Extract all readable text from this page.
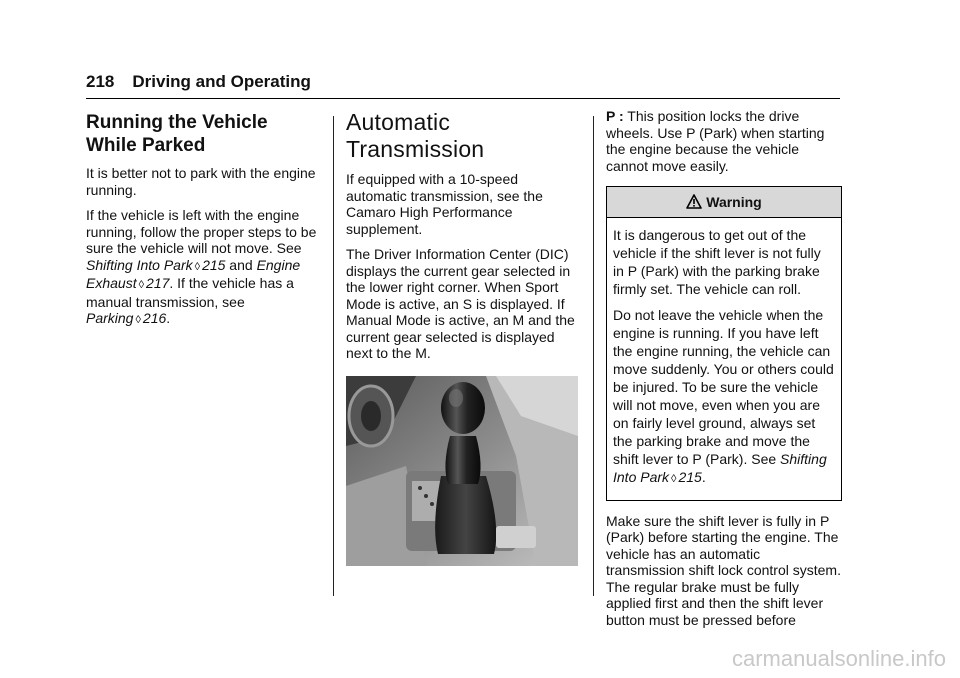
218 Driving and Operating
Running the Vehicle While Parked

It is better not to park with the engine running.

If the vehicle is left with the engine running, follow the proper steps to be sure the vehicle will not move. See Shifting Into Park ◊ 215 and Engine Exhaust ◊ 217. If the vehicle has a manual transmission, see Parking ◊ 216.

Automatic Transmission

If equipped with a 10-speed automatic transmission, see the Camaro High Performance supplement.

The Driver Information Center (DIC) displays the current gear selected in the lower right corner. When Sport Mode is active, an S is displayed. If Manual Mode is active, an M and the current gear selected is displayed next to the M.

P : This position locks the drive wheels. Use P (Park) when starting the engine because the vehicle cannot move easily.

Warning

It is dangerous to get out of the vehicle if the shift lever is not fully in P (Park) with the parking brake firmly set. The vehicle can roll.

Do not leave the vehicle when the engine is running. If you have left the engine running, the vehicle can move suddenly. You or others could be injured. To be sure the vehicle will not move, even when you are on fairly level ground, always set the parking brake and move the shift lever to P (Park). See Shifting Into Park ◊ 215.

Make sure the shift lever is fully in P (Park) before starting the engine. The vehicle has an automatic transmission shift lock control system. The regular brake must be fully applied first and then the shift lever button must be pressed before

carmanualsonline.info
